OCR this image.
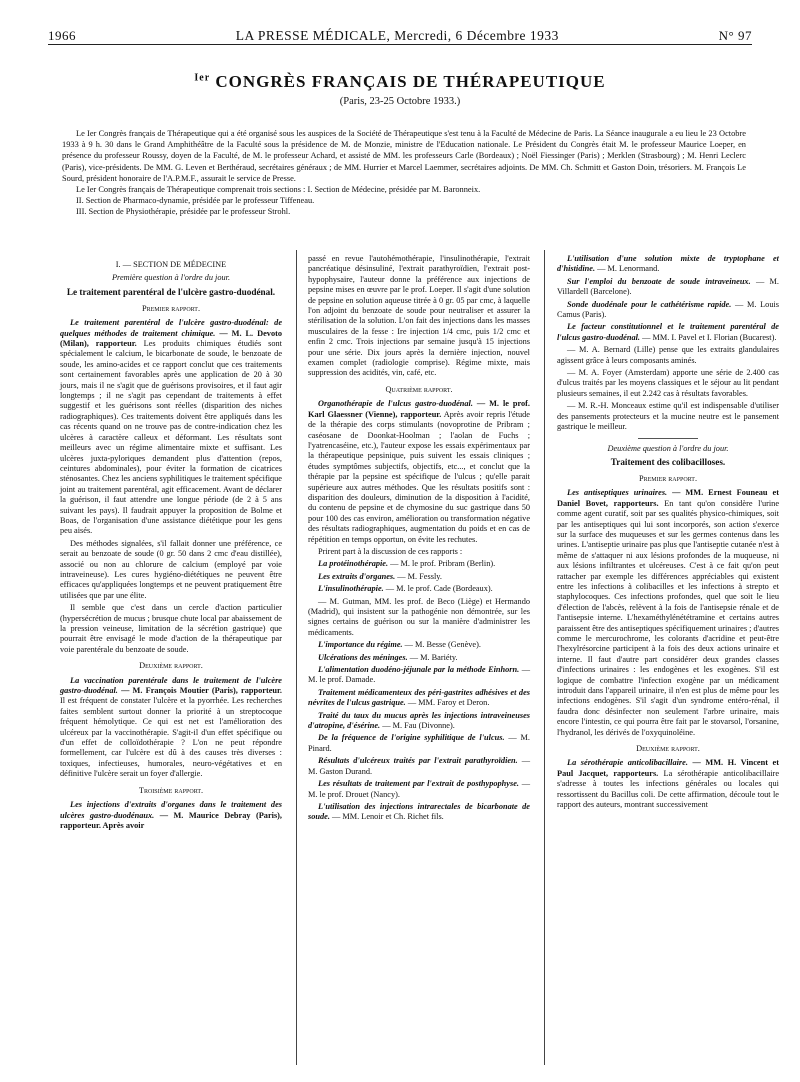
1966	LA PRESSE MÉDICALE, Mercredi, 6 Décembre 1933	N° 97
$^{Ier}$ CONGRÈS FRANÇAIS DE THÉRAPEUTIQUE
(Paris, 23-25 Octobre 1933.)

Le Ier Congrès français de Thérapeutique qui a été organisé sous les auspices de la Société de Thérapeutique s'est tenu à la Faculté de Médecine de Paris. La Séance inaugurale a eu lieu le 23 Octobre 1933 à 9 h. 30 dans le Grand Amphithéâtre de la Faculté sous la présidence de M. de Monzie, ministre de l'Education nationale. Le Président du Congrès était M. le professeur Maurice Loeper, en présence du professeur Roussy, doyen de la Faculté, de M. le professeur Achard, et assisté de MM. les professeurs Carle (Bordeaux) ; Noël Fiessinger (Paris) ; Merklen (Strasbourg) ; M. Henri Leclerc (Paris), vice-présidents. De MM. G. Leven et Berthéraud, secrétaires généraux ; de MM. Hurrier et Marcel Laemmer, secrétaires adjoints. De MM. Ch. Schmitt et Gaston Doin, trésoriers. M. François Le Sourd, président honoraire de l'A.P.M.F., assurait le service de Presse.

Le Ier Congrès français de Thérapeutique comprenait trois sections : I. Section de Médecine, présidée par M. Baronneix.

II. Section de Pharmaco-dynamie, présidée par le professeur Tiffeneau.

III. Section de Physiothérapie, présidée par le professeur Strohl.

I. — SECTION DE MÉDECINE
Première question à l'ordre du jour.
Le traitement parentéral de l'ulcère gastro-duodénal.
Premier rapport.

Le traitement parentéral de l'ulcère gastro-duodénal: de quelques méthodes de traitement chimique. — M. L. Devoto (Milan), rapporteur. Les produits chimiques étudiés sont spécialement le calcium, le bicarbonate de soude, le benzoate de soude, les amino-acides et ce rapport conclut que ces traitements sont certainement favorables après une application de 20 à 30 jours, mais il ne s'agit que de guérisons provisoires, et il faut agir longtemps ; il ne s'agit pas cependant de traitements à effet suggestif et les guérisons sont réelles (disparition des niches radiographiques). Ces traitements doivent être appliqués dans les cas récents quand on ne trouve pas de contre-indication chez les ulcères à caractère calleux et déformant. Les résultats sont meilleurs avec un régime alimentaire mixte et suffisant. Les ulcères juxta-pyloriques demandent plus d'attention (repos, ceintures abdominales), pour éviter la formation de cicatrices sténosantes. Chez les anciens syphilitiques le traitement spécifique joint au traitement parentéral, agit efficacement. Avant de déclarer la guérison, il faut attendre une longue période (de 2 à 5 ans suivant les pays). Il faudrait appuyer la proposition de Bolme et Boas, de l'organisation d'une assistance diététique pour les gens peu aisés.

Des méthodes signalées, s'il fallait donner une préférence, ce serait au benzoate de soude (0 gr. 50 dans 2 cmc d'eau distillée), associé ou non au chlorure de calcium (employé par voie intraveineuse). Les cures hygiéno-diététiques ne peuvent être efficaces qu'appliquées longtemps et ne peuvent pratiquement être utilisées que par une élite.

Il semble que c'est dans un cercle d'action particulier (hypersécrétion de mucus ; brusque chute local par abaissement de la pression veineuse, limitation de la sécrétion gastrique) que pourrait être envisagé le mode d'action de la thérapeutique par voie parentérale du benzoate de soude.

Deuxième rapport.

La vaccination parentérale dans le traitement de l'ulcère gastro-duodénal. — M. François Moutier (Paris), rapporteur. Il est fréquent de constater l'ulcère et la pyorrhée. Les recherches faites semblent surtout donner la priorité à un streptocoque fréquent hémolytique. Ce qui est net est l'amélioration des ulcéreux par la vaccinothérapie. S'agit-il d'un effet spécifique ou d'un effet de colloïdothérapie ? L'on ne peut répondre formellement, car l'ulcère est dû à des causes très diverses : toxiques, infectieuses, humorales, neuro-végétatives et en définitive l'ulcère serait un foyer d'allergie.

Troisième rapport.

Les injections d'extraits d'organes dans le traitement des ulcères gastro-duodénaux. — M. Maurice Debray (Paris), rapporteur. Après avoir

passé en revue l'autohémothérapie, l'insulinothérapie, l'extrait pancréatique désinsuliné, l'extrait parathyroïdien, l'extrait post-hypophysaire, l'auteur donne la préférence aux injections de pepsine mises en œuvre par le prof. Loeper. Il s'agit d'une solution de pepsine en solution aqueuse titrée à 0 gr. 05 par cmc, à laquelle l'on adjoint du benzoate de soude pour neutraliser et assurer la stérilisation de la solution. L'on fait des injections dans les masses musculaires de la fesse : Ire injection 1/4 cmc, puis 1/2 cmc et enfin 2 cmc. Trois injections par semaine jusqu'à 15 injections pour une série. Dix jours après la dernière injection, nouvel examen complet (radiologie comprise). Régime mixte, mais suppression des acidités, vin, café, etc.

Quatrième rapport.

Organothérapie de l'ulcus gastro-duodénal. — M. le prof. Karl Glaessner (Vienne), rapporteur. Après avoir repris l'étude de la thérapie des corps stimulants (novoprotine de Pribram ; caséosane de Doonkat-Hoolman ; l'aolan de Fuchs ; l'yatrencaséine, etc.), l'auteur expose les essais expérimentaux par la thérapeutique pepsinique, puis suivent les essais cliniques ; études symptômes subjectifs, objectifs, etc..., et conclut que la thérapie par la pepsine est spécifique de l'ulcus ; qu'elle parait supérieure aux autres méthodes. Que les résultats positifs sont : disparition des douleurs, diminution de la disposition à l'acidité, du contenu de pepsine et de chymosine du suc gastrique dans 50 pour 100 des cas environ, amélioration ou transformation négative des résultats radiographiques, augmentation du poids et en cas de répétition en temps opportun, on évite les rechutes.

Prirent part à la discussion de ces rapports :

La protéinothérapie. — M. le prof. Pribram (Berlin).

Les extraits d'organes. — M. Fessly.

L'insulinothérapie. — M. le prof. Cade (Bordeaux).

— M. Gutman, MM. les prof. de Beco (Liège) et Hermando (Madrid), qui insistent sur la pathogénie non démontrée, sur les signes certains de guérison ou sur la manière d'administrer les médicaments.

L'importance du régime. — M. Besse (Genève).

Ulcérations des méninges. — M. Bariéty.

L'alimentation duodéno-jéjunale par la méthode Einhorn. — M. le prof. Damade.

Traitement médicamenteux des péri-gastrites adhésives et des névrites de l'ulcus gastrique. — MM. Faroy et Deron.

Traité du taux du mucus après les injections intraveineuses d'atropine, d'ésérine. — M. Fau (Divonne).

De la fréquence de l'origine syphilitique de l'ulcus. — M. Pinard.

Résultats d'ulcéreux traités par l'extrait parathyroïdien. — M. Gaston Durand.

Les résultats de traitement par l'extrait de posthypophyse. — M. le prof. Drouet (Nancy).

L'utilisation des injections intrarectales de bicarbonate de soude. — MM. Lenoir et Ch. Richet fils.

L'utilisation d'une solution mixte de tryptophane et d'histidine. — M. Lenormand.

Sur l'emploi du benzoate de soude intraveineux. — M. Villardell (Barcelone).

Sonde duodénale pour le cathétérisme rapide. — M. Louis Camus (Paris).

Le facteur constitutionnel et le traitement parentéral de l'ulcus gastro-duodénal. — MM. I. Pavel et I. Florian (Bucarest).

— M. A. Bernard (Lille) pense que les extraits glandulaires agissent grâce à leurs composants aminés.

— M. A. Foyer (Amsterdam) apporte une série de 2.400 cas d'ulcus traités par les moyens classiques et le séjour au lit pendant plusieurs semaines, il eut 2.242 cas à résultats favorables.

— M. R.-H. Monceaux estime qu'il est indispensable d'utiliser des pansements protecteurs et la mucine neutre est le pansement gastrique le meilleur.

Deuxième question à l'ordre du jour.
Traitement des colibacilloses.
Premier rapport.

Les antiseptiques urinaires. — MM. Ernest Founeau et Daniel Bovet, rapporteurs. En tant qu'on considère l'urine comme agent curatif, soit par ses qualités physico-chimiques, soit par les antiseptiques qui lui sont incorporés, son action s'exerce sur la surface des muqueuses et sur les germes contenus dans les urines. L'antiseptie urinaire pas plus que l'antiseptie cutanée n'est à même de s'attaquer ni aux lésions profondes de la muqueuse, ni aux lésions infiltrantes et ulcéreuses. C'est à ce fait qu'on peut rattacher par exemple les différences appréciables qui existent entre les infections à colibacilles et les infections à strepto et staphylocoques. Ces infections profondes, quel que soit le lieu d'élection de l'abcès, relèvent à la fois de l'antisepsie rénale et de l'antisepsie interne. L'hexaméthylénététramine et certains autres paraissent être des antiseptiques spécifiquement urinaires ; d'autres comme le mercurochrome, les colorants d'acridine et peut-être l'hexylrésorcine participent à la fois des deux actions urinaire et interne. Il faut d'autre part considérer deux grandes classes d'infections urinaires : les endogènes et les exogènes. S'il est logique de combattre l'infection exogène par un médicament introduit dans l'appareil urinaire, il n'en est plus de même pour les infections endogènes. S'il s'agit d'un syndrome entéro-rénal, il faudra donc désinfecter non seulement l'arbre urinaire, mais encore l'intestin, ce qui pourra être fait par le stovarsol, l'orsanine, l'hydranol, les dérivés de l'oxyquinoléine.

Deuxième rapport.

La sérothérapie anticolibacillaire. — MM. H. Vincent et Paul Jacquet, rapporteurs. La sérothérapie anticolibacillaire s'adresse à toutes les infections générales ou locales qui ressortissent du Bacillus coli. De cette affirmation, découle tout le rapport des auteurs, montrant successivement
